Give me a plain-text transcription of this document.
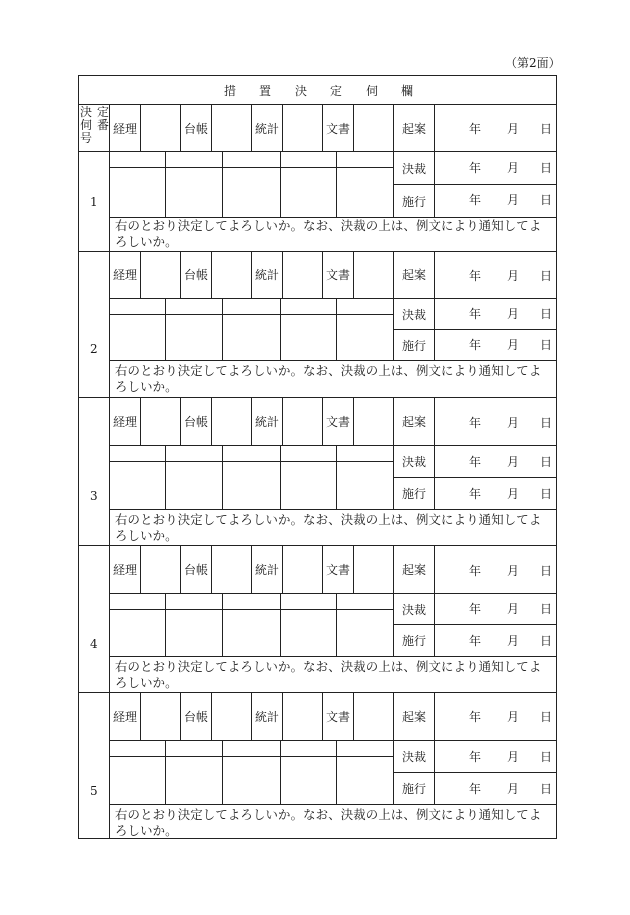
（第2面）
措 置 決 定 伺 欄
決 定
伺 番
号
経理	台帳	統計	文書	起案	年 月 日
1
決裁	年 月 日
施行	年 月 日
右のとおり決定してよろしいか。なお、決裁の上は、例文により通知してよろしいか。
経理	台帳	統計	文書	起案	年 月 日
2
決裁	年 月 日
施行	年 月 日
右のとおり決定してよろしいか。なお、決裁の上は、例文により通知してよろしいか。
経理	台帳	統計	文書	起案	年 月 日
3
決裁	年 月 日
施行	年 月 日
右のとおり決定してよろしいか。なお、決裁の上は、例文により通知してよろしいか。
経理	台帳	統計	文書	起案	年 月 日
4
決裁	年 月 日
施行	年 月 日
右のとおり決定してよろしいか。なお、決裁の上は、例文により通知してよろしいか。
経理	台帳	統計	文書	起案	年 月 日
5
決裁	年 月 日
施行	年 月 日
右のとおり決定してよろしいか。なお、決裁の上は、例文により通知してよろしいか。
